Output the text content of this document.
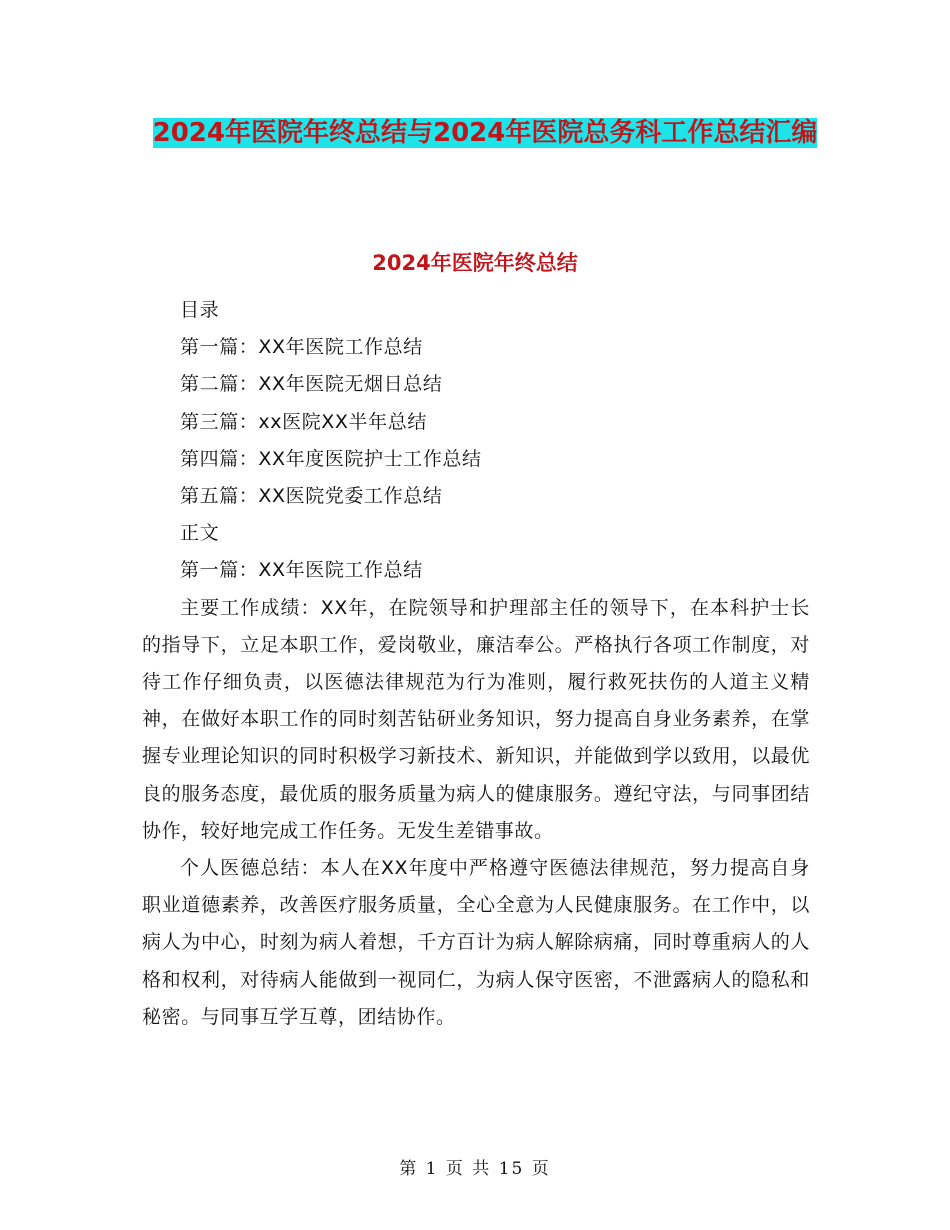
2024年医院年终总结与2024年医院总务科工作总结汇编
2024年医院年终总结

目录

第一篇：XX年医院工作总结

第二篇：XX年医院无烟日总结

第三篇：xx医院XX半年总结

第四篇：XX年度医院护士工作总结

第五篇：XX医院党委工作总结

正文

第一篇：XX年医院工作总结

主要工作成绩：XX年，在院领导和护理部主任的领导下，在本科护士长的指导下，立足本职工作，爱岗敬业，廉洁奉公。严格执行各项工作制度，对待工作仔细负责，以医德法律规范为行为准则，履行救死扶伤的人道主义精神，在做好本职工作的同时刻苦钻研业务知识，努力提高自身业务素养，在掌握专业理论知识的同时积极学习新技术、新知识，并能做到学以致用，以最优良的服务态度，最优质的服务质量为病人的健康服务。遵纪守法，与同事团结协作，较好地完成工作任务。无发生差错事故。

个人医德总结：本人在XX年度中严格遵守医德法律规范，努力提高自身职业道德素养，改善医疗服务质量，全心全意为人民健康服务。在工作中，以病人为中心，时刻为病人着想，千方百计为病人解除病痛，同时尊重病人的人格和权利，对待病人能做到一视同仁，为病人保守医密，不泄露病人的隐私和秘密。与同事互学互尊，团结协作。

第 1 页 共 15 页
